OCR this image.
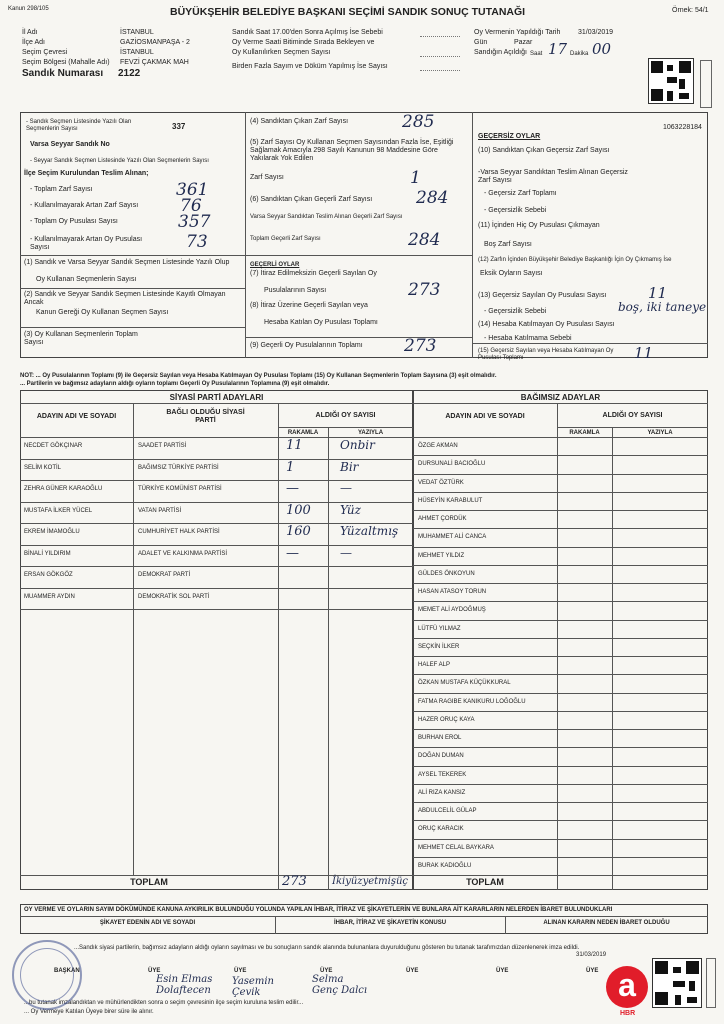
Kanun 298/105	BÜYÜKŞEHİR BELEDİYE BAŞKANI SEÇİMİ SANDIK SONUÇ TUTANAĞI	Örnek: 54/1
İl Adı	İSTANBUL
İlçe Adı	GAZİOSMANPAŞA - 2
Seçim Çevresi	İSTANBUL
Seçim Bölgesi (Mahalle Adı) FEVZİ ÇAKMAK MAH
Sandık Numarası 2122
Sandık Saat 17.00'den Sonra Açılmış İse Sebebi
Oy Verme Saati Bitiminde Sırada Bekleyen ve
Oy Kullanılırken Seçmen Sayısı
Birden Fazla Sayım ve Döküm Yapılmış İse Sayısı
Oy Vermenin Yapıldığı Tarih	31/03/2019
Gün	Pazar
Sandığın Açıldığı Saat 17 Dakika 00
1063228184
- Sandık Seçmen Listesinde Yazılı Olan Seçmenlerin Sayısı	337
Varsa Seyyar Sandık No
- Seyyar Sandık Seçmen Listesinde Yazılı Olan Seçmenlerin Sayısı
İlçe Seçim Kurulundan Teslim Alınan;
- Toplam Zarf Sayısı	361
- Kullanılmayarak Artan Zarf Sayısı 76
- Toplam Oy Pusulası Sayısı	357
- Kullanılmayarak Artan Oy Pusulası Sayısı	73
(1) Sandık ve Varsa Seyyar Sandık Seçmen Listesinde Yazılı Olup
Oy Kullanan Seçmenlerin Sayısı
(2) Sandık ve Seyyar Sandık Seçmen Listesinde Kayıtlı Olmayan Ancak
Kanun Gereği Oy Kullanan Seçmen Sayısı
(3) Oy Kullanan Seçmenlerin Toplam Sayısı
(4) Sandıktan Çıkan Zarf Sayısı	285
(5) Zarf Sayısı Oy Kullanan Seçmen Sayısından Fazla İse, Eşitliği Sağlamak Amacıyla 298 Sayılı Kanunun 98 Maddesine Göre Yakılarak Yok Edilen
Zarf Sayısı	1
(6) Sandıktan Çıkan Geçerli Zarf Sayısı	284
Varsa Seyyar Sandıktan Teslim Alınan Geçerli Zarf Sayısı
Toplam Geçerli Zarf Sayısı	284
GEÇERLİ OYLAR
(7) İtiraz Edilmeksizin Geçerli Sayılan Oy
Pusulalarının Sayısı	273
(8) İtiraz Üzerine Geçerli Sayılan veya
Hesaba Katılan Oy Pusulası Toplamı
(9) Geçerli Oy Pusulalarının Toplamı 273
GEÇERSİZ OYLAR
(10) Sandıktan Çıkan Geçersiz Zarf Sayısı
-Varsa Seyyar Sandıktan Teslim Alınan Geçersiz Zarf Sayısı
- Geçersiz Zarf Toplamı
- Geçersizlik Sebebi
(11) İçinden Hiç Oy Pusulası Çıkmayan
Boş Zarf Sayısı
(12) Zarfın İçinden Büyükşehir Belediye Başkanlığı İçin Oy Çıkmamış İse
Eksik Oyların Sayısı
(13) Geçersiz Sayılan Oy Pusulası Sayısı	11
- Geçersizlik Sebebi	boş, iki taneye
(14) Hesaba Katılmayan Oy Pusulası Sayısı
- Hesaba Katılmama Sebebi
(15) Geçersiz Sayılan veya Hesaba Katılmayan Oy Pusulası Toplamı	11
NOT: ... Oy Pusulalarının Toplamı (9) ile Geçersiz Sayılan veya Hesaba Katılmayan Oy Pusulası Toplamı (15) Oy Kullanan Seçmenlerin Toplam Sayısına (3) eşit olmalıdır.
... Partilerin ve bağımsız adayların aldığı oyların toplamı Geçerli Oy Pusulalarının Toplamına (9) eşit olmalıdır.
SİYASİ PARTİ ADAYLARI
ADAYIN ADI VE SOYADI
BAĞLI OLDUĞU SİYASİ PARTİ
ALDIĞI OY SAYISI
RAKAMLA	YAZIYLA
NECDET GÖKÇINAR	SAADET PARTİSİ	11	Onbir
SELİM KOTİL	BAĞIMSIZ TÜRKİYE PARTİSİ	1	Bir
ZEHRA GÜNER KARAOĞLU	TÜRKİYE KOMÜNİST PARTİSİ	—	—
MUSTAFA İLKER YÜCEL	VATAN PARTİSİ	100 Yüz
EKREM İMAMOĞLU	CUMHURİYET HALK PARTİSİ	160 Yüzaltmış
BİNALİ YILDIRIM	ADALET VE KALKINMA PARTİSİ	—	—
ERSAN GÖKGÖZ	DEMOKRAT PARTİ
MUAMMER AYDIN	DEMOKRATİK SOL PARTİ
TOPLAM	273	İkiyüzyetmişüç
BAĞIMSIZ ADAYLAR
ADAYIN ADI VE SOYADI	ALDIĞI OY SAYISI
RAKAMLA	YAZIYLA
ÖZGE AKMAN
DURSUNALİ BACIOĞLU
VEDAT ÖZTÜRK
HÜSEYİN KARABULUT
AHMET ÇORDÜK
MUHAMMET ALİ CANCA
MEHMET YILDIZ
GÜLDES ÖNKOYUN
HASAN ATASOY TORUN
MEMET ALİ AYDOĞMUŞ
LÜTFÜ YILMAZ
SEÇKİN İLKER
HALEF ALP
ÖZKAN MUSTAFA KÜÇÜKKURAL
FATMA RAGIBE KANIKURU LOĞOĞLU
HAZER ORUÇ KAYA
BURHAN EROL
DOĞAN DUMAN
AYSEL TEKEREK
ALİ RIZA KANSIZ
ABDULCELİL GÜLAP
ORUÇ KARACIK
MEHMET CELAL BAYKARA
BURAK KADIOĞLU
TOPLAM
OY VERME VE OYLARIN SAYIM DÖKÜMÜNDE KANUNA AYKIRILIK BULUNDUĞU YOLUNDA YAPILAN İHBAR, İTİRAZ VE ŞİKAYETLERİN VE BUNLARA AİT KARARLARIN NELERDEN İBARET BULUNDUKLARI
ŞİKAYET EDENİN ADI VE SOYADI	İHBAR, İTİRAZ VE ŞİKAYETİN KONUSU	ALINAN KARARIN NEDEN İBARET OLDUĞU
...Sandık siyasi partilerin, bağımsız adayların aldığı oyların sayılması ve bu sonuçların sandık alanında bulunanlara duyurulduğunu gösteren bu tutanak tarafımızdan düzenlenerek imza edildi.
31/03/2019
BAŞKAN	ÜYE	ÜYE	ÜYE	ÜYE	ÜYE	ÜYE
Esin Elmas Dolaftecen
Yasemin Çevik
Selma Genç Dalcı
...bu tutanak imzalandıktan ve mühürlendikten sonra o seçim çevresinin ilçe seçim kuruluna teslim edilir...
... Oy Vermeye Katılan Üyeye birer süre ile alınır.
a
HBR
